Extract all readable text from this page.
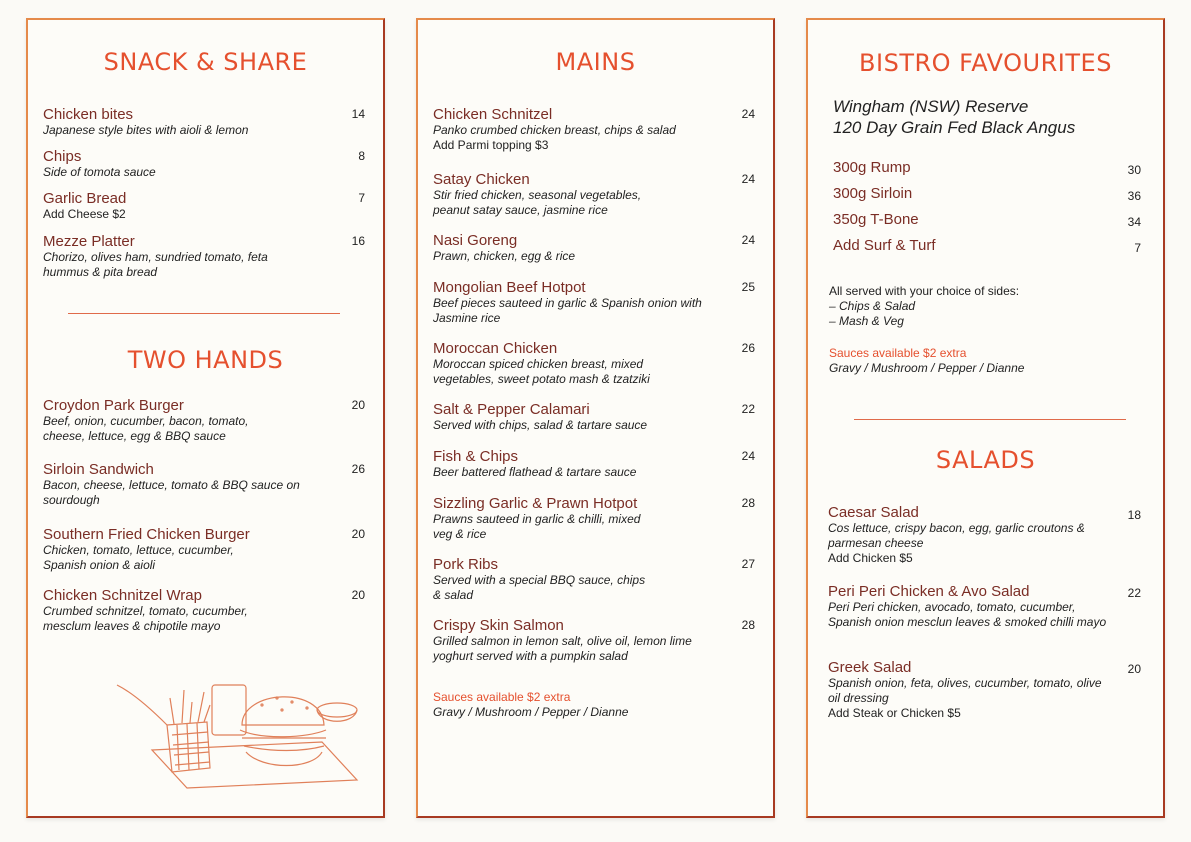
SNACK & SHARE
Chicken bites	14
Japanese style bites with aioli & lemon
Chips	8
Side of tomota sauce
Garlic Bread	7
Add Cheese $2
Mezze Platter	16
Chorizo, olives ham, sundried tomato, feta hummus & pita bread
TWO HANDS
Croydon Park Burger	20
Beef, onion, cucumber, bacon, tomato, cheese, lettuce, egg & BBQ sauce
Sirloin Sandwich	26
Bacon, cheese, lettuce, tomato & BBQ sauce on sourdough
Southern Fried Chicken Burger	20
Chicken, tomato, lettuce, cucumber, Spanish onion & aioli
Chicken Schnitzel Wrap	20
Crumbed schnitzel, tomato, cucumber, mesclum leaves & chipotile mayo
MAINS
Chicken Schnitzel	24
Panko crumbed chicken breast, chips & salad
Add Parmi topping $3
Satay Chicken	24
Stir fried chicken, seasonal vegetables, peanut satay sauce, jasmine rice
Nasi Goreng	24
Prawn, chicken, egg & rice
Mongolian Beef Hotpot	25
Beef pieces sauteed in garlic & Spanish onion with Jasmine rice
Moroccan Chicken	26
Moroccan spiced chicken breast, mixed vegetables, sweet potato mash & tzatziki
Salt & Pepper Calamari	22
Served with chips, salad & tartare sauce
Fish & Chips	24
Beer battered flathead & tartare sauce
Sizzling Garlic & Prawn Hotpot	28
Prawns sauteed in garlic & chilli, mixed veg & rice
Pork Ribs	27
Served with a special BBQ sauce, chips & salad
Crispy Skin Salmon	28
Grilled salmon in lemon salt, olive oil, lemon lime yoghurt served with a pumpkin salad
Sauces available $2 extra
Gravy / Mushroom / Pepper / Dianne
BISTRO FAVOURITES
Wingham (NSW) Reserve
120 Day Grain Fed Black Angus
300g Rump	30
300g Sirloin	36
350g T-Bone	34
Add Surf & Turf	7
All served with your choice of sides:
– Chips & Salad
– Mash & Veg
Sauces available $2 extra
Gravy / Mushroom / Pepper / Dianne
SALADS
Caesar Salad	18
Cos lettuce, crispy bacon, egg, garlic croutons & parmesan cheese
Add Chicken $5
Peri Peri Chicken & Avo Salad	22
Peri Peri chicken, avocado, tomato, cucumber, Spanish onion mesclun leaves & smoked chilli mayo
Greek Salad	20
Spanish onion, feta, olives, cucumber, tomato, olive oil dressing
Add Steak or Chicken $5
